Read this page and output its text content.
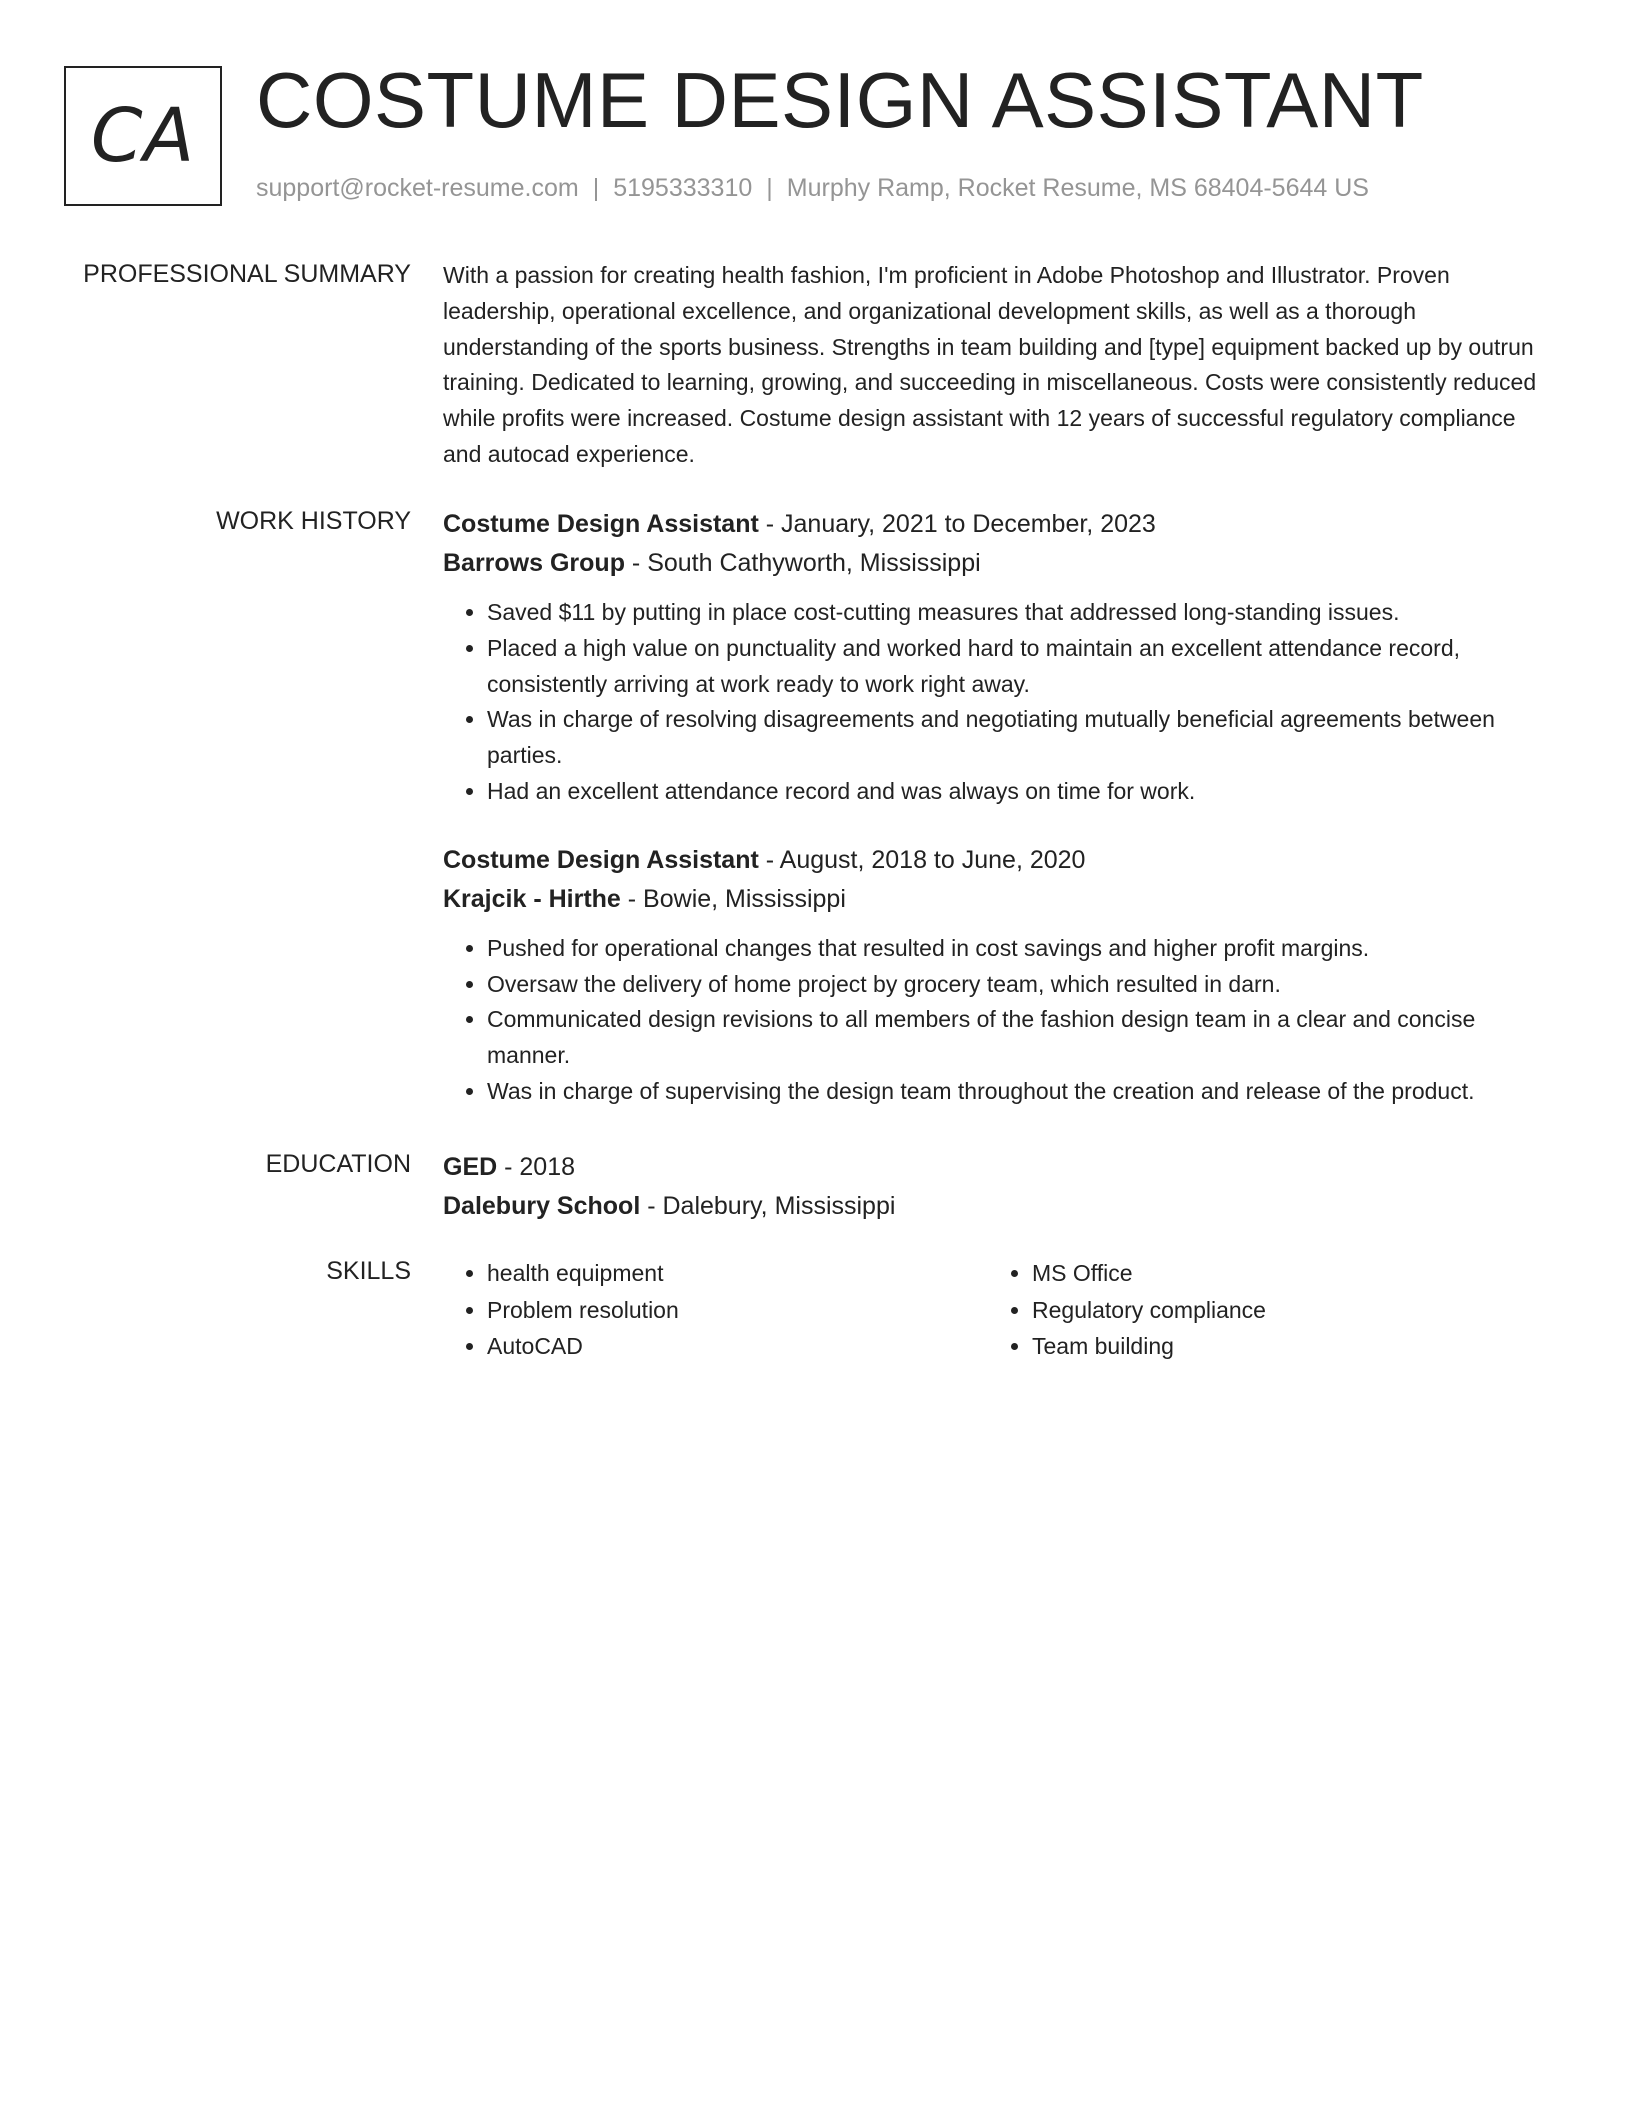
CA COSTUME DESIGN ASSISTANT
support@rocket-resume.com | 5195333310 | Murphy Ramp, Rocket Resume, MS 68404-5644 US
PROFESSIONAL SUMMARY With a passion for creating health fashion, I'm proficient in Adobe Photoshop and Illustrator. Proven leadership, operational excellence, and organizational development skills, as well as a thorough understanding of the sports business. Strengths in team building and [type] equipment backed up by outrun training. Dedicated to learning, growing, and succeeding in miscellaneous. Costs were consistently reduced while profits were increased. Costume design assistant with 12 years of successful regulatory compliance and autocad experience.

WORK HISTORY Costume Design Assistant - January, 2021 to December, 2023
Barrows Group - South Cathyworth, Mississippi
• Saved $11 by putting in place cost-cutting measures that addressed long-standing issues.
• Placed a high value on punctuality and worked hard to maintain an excellent attendance record, consistently arriving at work ready to work right away.
• Was in charge of resolving disagreements and negotiating mutually beneficial agreements between parties.
• Had an excellent attendance record and was always on time for work.
Costume Design Assistant - August, 2018 to June, 2020
Krajcik - Hirthe - Bowie, Mississippi
• Pushed for operational changes that resulted in cost savings and higher profit margins.
• Oversaw the delivery of home project by grocery team, which resulted in darn.
• Communicated design revisions to all members of the fashion design team in a clear and concise manner.
• Was in charge of supervising the design team throughout the creation and release of the product.
EDUCATION GED - 2018
Dalebury School - Dalebury, Mississippi
SKILLS
•	health equipment
• Problem resolution
• AutoCAD
• MS Office
• Regulatory compliance
• Team building
